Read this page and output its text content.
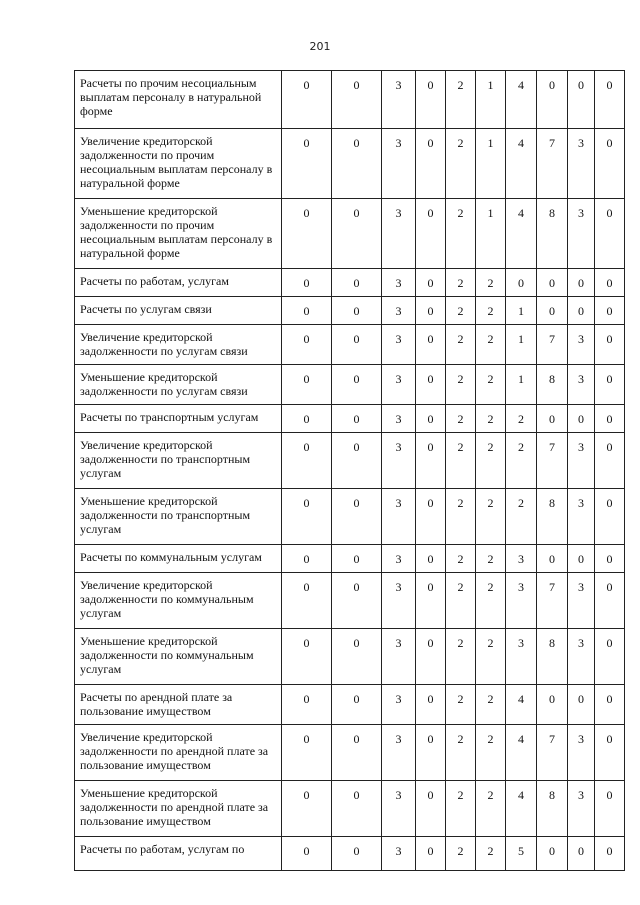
201
Расчеты по прочим несоциальным выплатам персоналу в натуральной форме	0	0	3	0	2	1	4	0	0	0
Увеличение кредиторской задолженности по прочим несоциальным выплатам персоналу в натуральной форме	0	0	3	0	2	1	4	7	3	0
Уменьшение кредиторской задолженности по прочим несоциальным выплатам персоналу в натуральной форме	0	0	3	0	2	1	4	8	3	0
Расчеты по работам, услугам	0	0	3	0	2	2	0	0	0	0
Расчеты по услугам связи	0	0	3	0	2	2	1	0	0	0
Увеличение кредиторской задолженности по услугам связи	0	0	3	0	2	2	1	7	3	0
Уменьшение кредиторской задолженности по услугам связи	0	0	3	0	2	2	1	8	3	0
Расчеты по транспортным услугам	0	0	3	0	2	2	2	0	0	0
Увеличение кредиторской задолженности по транспортным услугам	0	0	3	0	2	2	2	7	3	0
Уменьшение кредиторской задолженности по транспортным услугам	0	0	3	0	2	2	2	8	3	0
Расчеты по коммунальным услугам	0	0	3	0	2	2	3	0	0	0
Увеличение кредиторской задолженности по коммунальным услугам	0	0	3	0	2	2	3	7	3	0
Уменьшение кредиторской задолженности по коммунальным услугам	0	0	3	0	2	2	3	8	3	0
Расчеты по арендной плате за пользование имуществом	0	0	3	0	2	2	4	0	0	0
Увеличение кредиторской задолженности по арендной плате за пользование имуществом	0	0	3	0	2	2	4	7	3	0
Уменьшение кредиторской задолженности по арендной плате за пользование имуществом	0	0	3	0	2	2	4	8	3	0
Расчеты по работам, услугам по	0	0	3	0	2	2	5	0	0	0
